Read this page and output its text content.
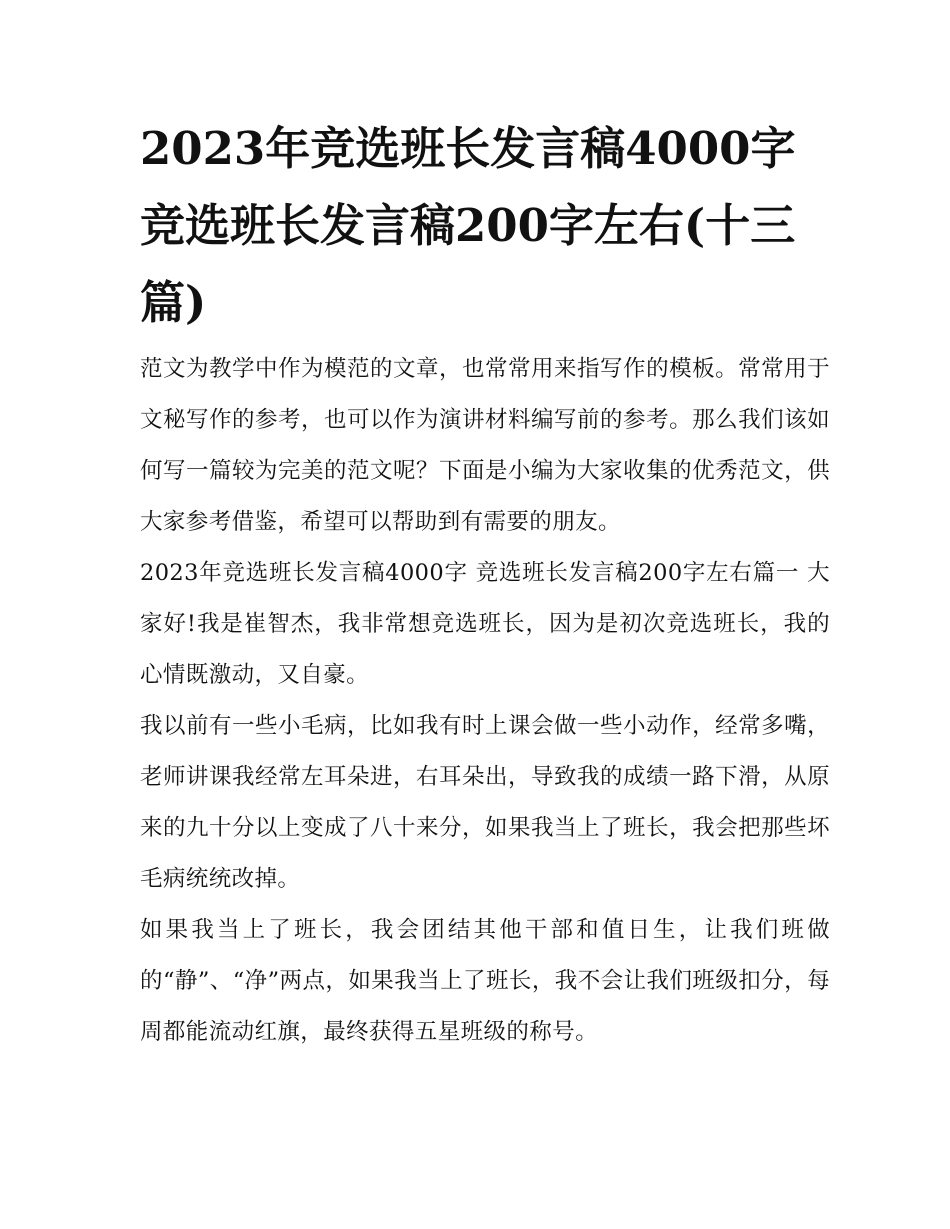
2023年竞选班长发言稿4000字 竞选班长发言稿200字左右(十三篇)

范文为教学中作为模范的文章，也常常用来指写作的模板。常常用于文秘写作的参考，也可以作为演讲材料编写前的参考。那么我们该如何写一篇较为完美的范文呢？下面是小编为大家收集的优秀范文，供大家参考借鉴，希望可以帮助到有需要的朋友。

2023年竞选班长发言稿4000字 竞选班长发言稿200字左右篇一 大家好!我是崔智杰，我非常想竞选班长，因为是初次竞选班长，我的心情既激动，又自豪。

我以前有一些小毛病，比如我有时上课会做一些小动作，经常多嘴，老师讲课我经常左耳朵进，右耳朵出，导致我的成绩一路下滑，从原来的九十分以上变成了八十来分，如果我当上了班长，我会把那些坏毛病统统改掉。

如果我当上了班长，我会团结其他干部和值日生，让我们班做的“静”、“净”两点，如果我当上了班长，我不会让我们班级扣分，每周都能流动红旗，最终获得五星班级的称号。
